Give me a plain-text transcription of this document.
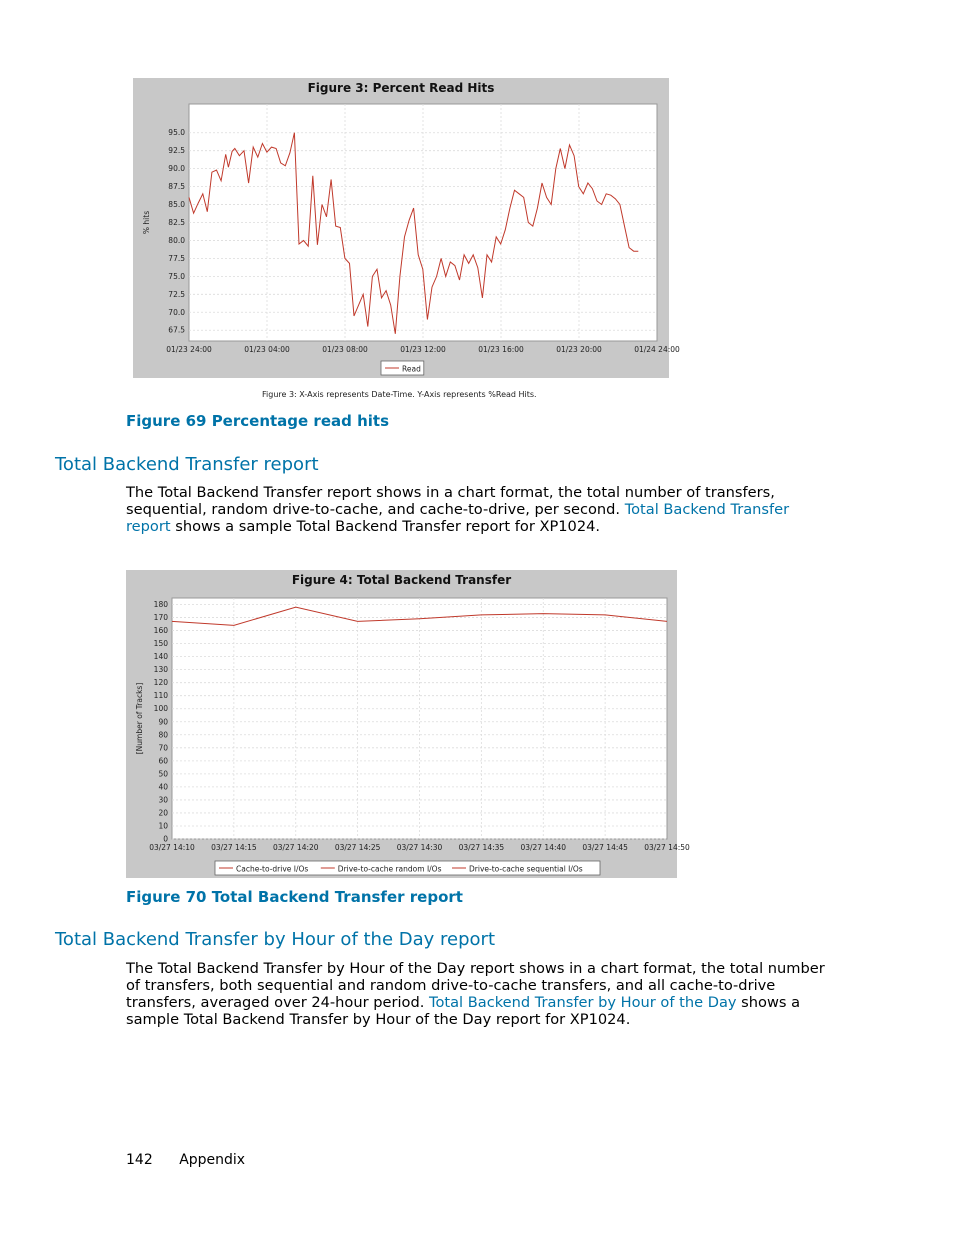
Figure 3: Percent Read Hits
95.0
92.5
90.0
87.5
85.0
82.5
80.0
77.5
75.0
72.5
70.0
67.5
01/23 24:00	01/23 04:00	01/23 08:00	01/23 12:00	01/23 16:00	01/23 20:00	01/24 24:00
% hits
Read
Figure 3: X-Axis represents Date-Time. Y-Axis represents %Read Hits.
Figure 69 Percentage read hits
Total Backend Transfer report

The Total Backend Transfer report shows in a chart format, the total number of transfers, sequential, random drive-to-cache, and cache-to-drive, per second. Total Backend Transfer report shows a sample Total Backend Transfer report for XP1024.

Figure 4: Total Backend Transfer
180
170
160
150
140
130
120
110
100
90
80
70
60
50
40
30
20
10
0
03/27 14:10 03/27 14:15 03/27 14:20 03/27 14:25 03/27 14:30 03/27 14:35 03/27 14:40 03/27 14:45 03/27 14:50
[Number of Tracks]
Cache-to-drive I/Os	Drive-to-cache random I/Os	Drive-to-cache sequential I/Os
Figure 70 Total Backend Transfer report
Total Backend Transfer by Hour of the Day report

The Total Backend Transfer by Hour of the Day report shows in a chart format, the total number of transfers, both sequential and random drive-to-cache transfers, and all cache-to-drive transfers, averaged over 24-hour period. Total Backend Transfer by Hour of the Day shows a sample Total Backend Transfer by Hour of the Day report for XP1024.

142 Appendix
